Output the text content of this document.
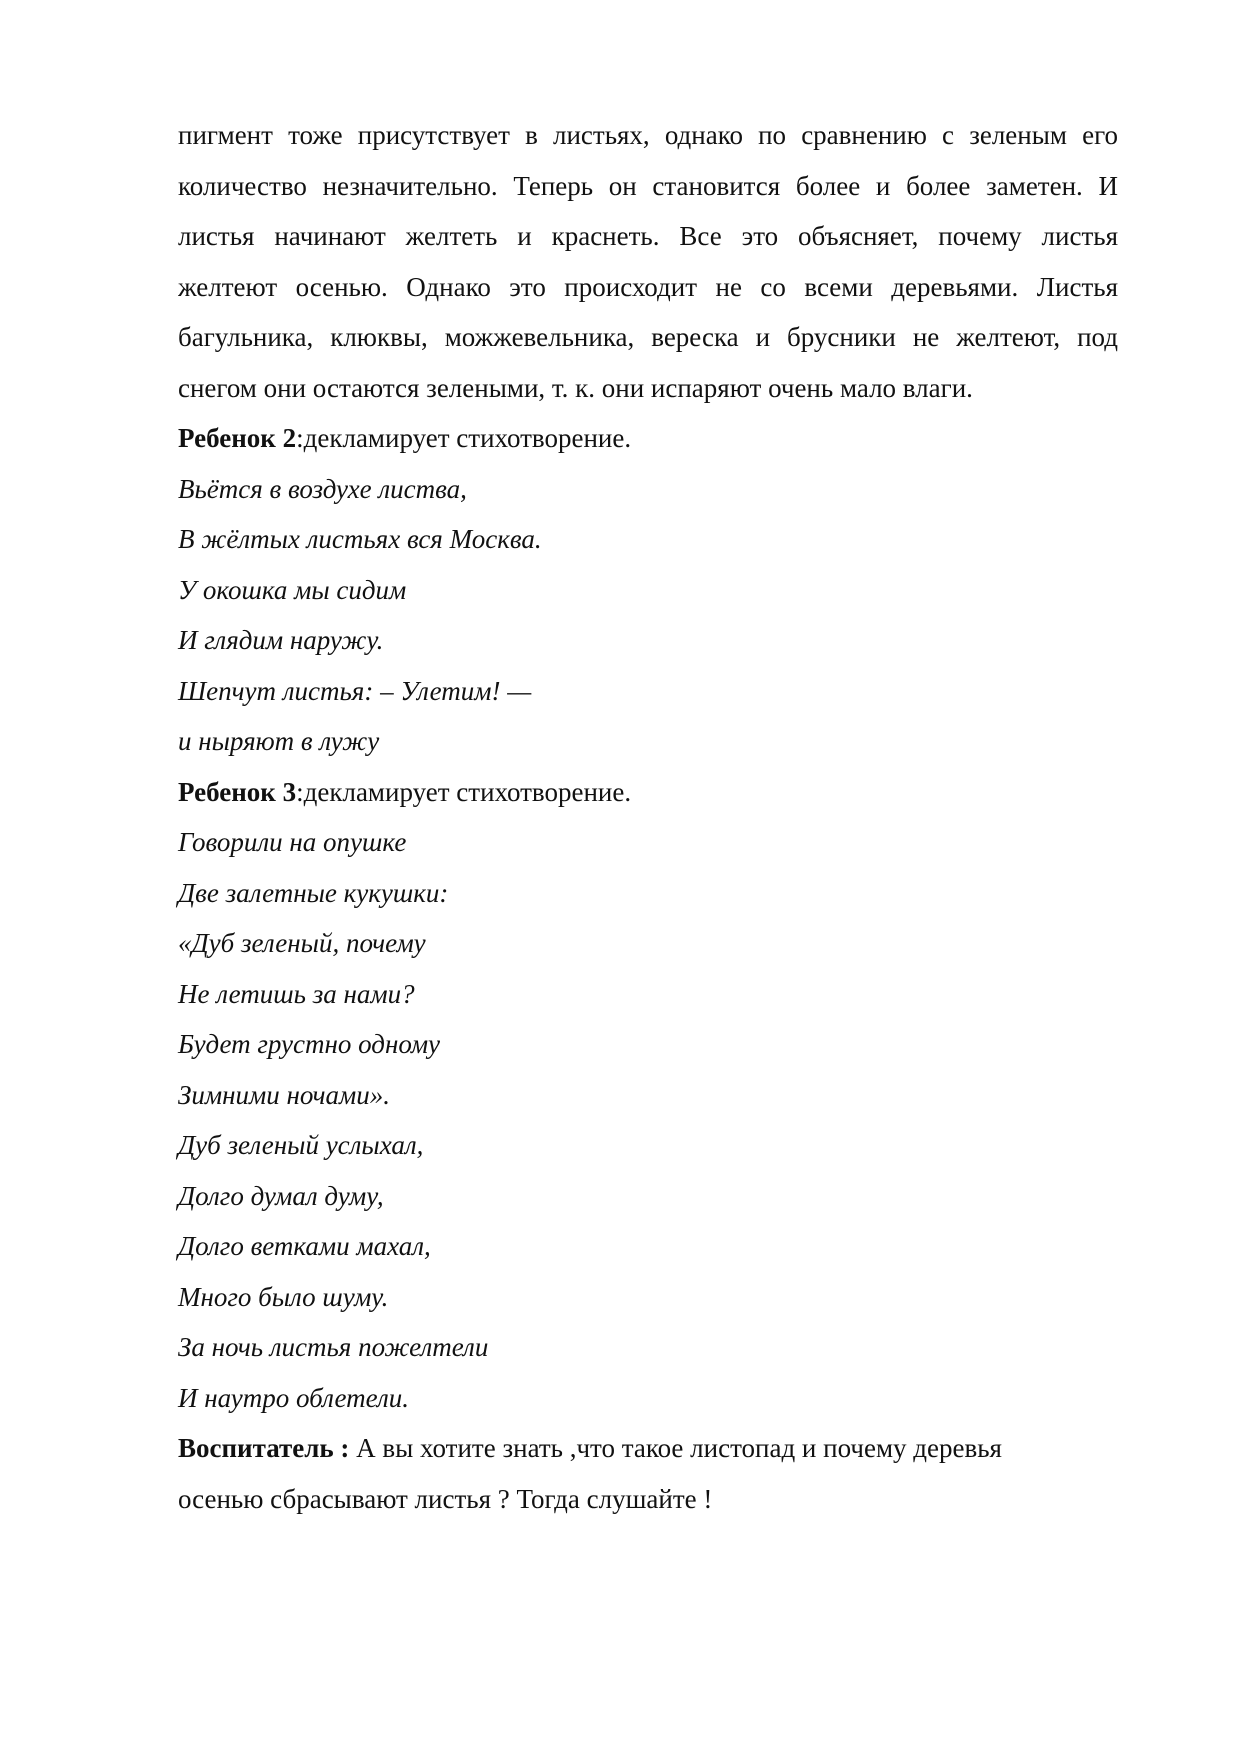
пигмент тоже присутствует в листьях, однако по сравнению с зеленым его
количество незначительно. Теперь он становится более и более заметен. И
листья начинают желтеть и краснеть. Все это объясняет, почему листья
желтеют осенью. Однако это происходит не со всеми деревьями. Листья
багульника, клюквы, можжевельника, вереска и брусники не желтеют, под
снегом они остаются зелеными, т. к. они испаряют очень мало влаги.
Ребенок 2:декламирует стихотворение.
Вьётся в воздухе листва,
В жёлтых листьях вся Москва.
У окошка мы сидим
И глядим наружу.
Шепчут листья: – Улетим! —
и ныряют в лужу
Ребенок 3:декламирует стихотворение.
Говорили на опушке
Две залетные кукушки:
«Дуб зеленый, почему
Не летишь за нами?
Будет грустно одному
Зимними ночами».
Дуб зеленый услыхал,
Долго думал думу,
Долго ветками махал,
Много было шуму.
За ночь листья пожелтели
И наутро облетели.
Воспитатель : А вы хотите знать ,что такое листопад и почему деревья
осенью сбрасывают листья ? Тогда слушайте !
